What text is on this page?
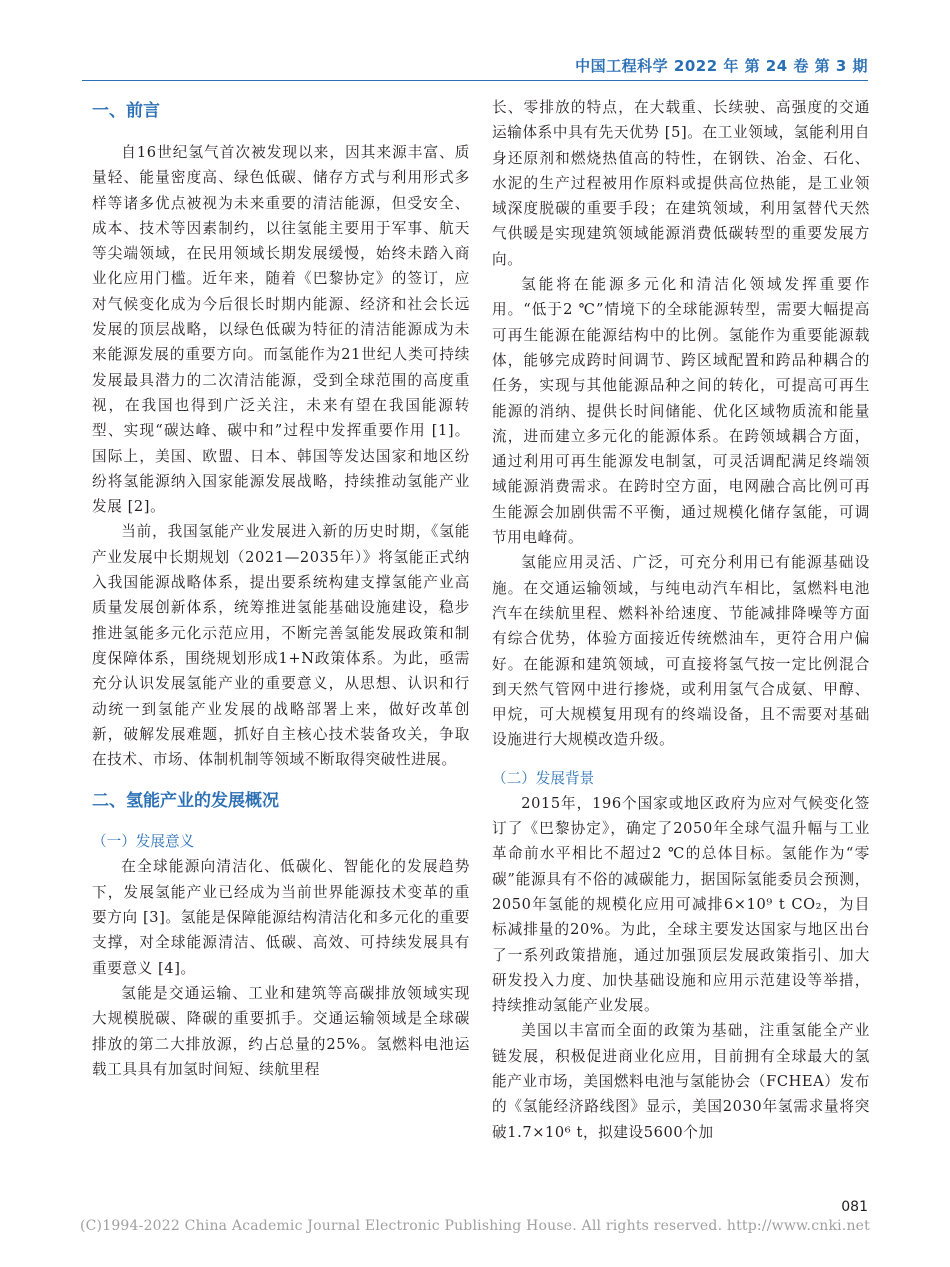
中国工程科学 2022 年 第 24 卷 第 3 期
一、前言

自16世纪氢气首次被发现以来，因其来源丰富、质量轻、能量密度高、绿色低碳、储存方式与利用形式多样等诸多优点被视为未来重要的清洁能源，但受安全、成本、技术等因素制约，以往氢能主要用于军事、航天等尖端领域，在民用领域长期发展缓慢，始终未踏入商业化应用门槛。近年来，随着《巴黎协定》的签订，应对气候变化成为今后很长时期内能源、经济和社会长远发展的顶层战略，以绿色低碳为特征的清洁能源成为未来能源发展的重要方向。而氢能作为21世纪人类可持续发展最具潜力的二次清洁能源，受到全球范围的高度重视，在我国也得到广泛关注，未来有望在我国能源转型、实现“碳达峰、碳中和”过程中发挥重要作用 [1]。国际上，美国、欧盟、日本、韩国等发达国家和地区纷纷将氢能源纳入国家能源发展战略，持续推动氢能产业发展 [2]。

当前，我国氢能产业发展进入新的历史时期，《氢能产业发展中长期规划（2021—2035年）》将氢能正式纳入我国能源战略体系，提出要系统构建支撑氢能产业高质量发展创新体系，统筹推进氢能基础设施建设，稳步推进氢能多元化示范应用，不断完善氢能发展政策和制度保障体系，围绕规划形成1+N政策体系。为此，亟需充分认识发展氢能产业的重要意义，从思想、认识和行动统一到氢能产业发展的战略部署上来，做好改革创新，破解发展难题，抓好自主核心技术装备攻关，争取在技术、市场、体制机制等领域不断取得突破性进展。

二、氢能产业的发展概况
（一）发展意义

在全球能源向清洁化、低碳化、智能化的发展趋势下，发展氢能产业已经成为当前世界能源技术变革的重要方向 [3]。氢能是保障能源结构清洁化和多元化的重要支撑，对全球能源清洁、低碳、高效、可持续发展具有重要意义 [4]。

氢能是交通运输、工业和建筑等高碳排放领域实现大规模脱碳、降碳的重要抓手。交通运输领域是全球碳排放的第二大排放源，约占总量的25%。氢燃料电池运载工具具有加氢时间短、续航里程

长、零排放的特点，在大载重、长续驶、高强度的交通运输体系中具有先天优势 [5]。在工业领域，氢能利用自身还原剂和燃烧热值高的特性，在钢铁、冶金、石化、水泥的生产过程被用作原料或提供高位热能，是工业领域深度脱碳的重要手段；在建筑领域，利用氢替代天然气供暖是实现建筑领域能源消费低碳转型的重要发展方向。

氢能将在能源多元化和清洁化领域发挥重要作用。“低于2 ℃”情境下的全球能源转型，需要大幅提高可再生能源在能源结构中的比例。氢能作为重要能源载体，能够完成跨时间调节、跨区域配置和跨品种耦合的任务，实现与其他能源品种之间的转化，可提高可再生能源的消纳、提供长时间储能、优化区域物质流和能量流，进而建立多元化的能源体系。在跨领域耦合方面，通过利用可再生能源发电制氢，可灵活调配满足终端领域能源消费需求。在跨时空方面，电网融合高比例可再生能源会加剧供需不平衡，通过规模化储存氢能，可调节用电峰荷。

氢能应用灵活、广泛，可充分利用已有能源基础设施。在交通运输领域，与纯电动汽车相比，氢燃料电池汽车在续航里程、燃料补给速度、节能减排降噪等方面有综合优势，体验方面接近传统燃油车，更符合用户偏好。在能源和建筑领域，可直接将氢气按一定比例混合到天然气管网中进行掺烧，或利用氢气合成氨、甲醇、甲烷，可大规模复用现有的终端设备，且不需要对基础设施进行大规模改造升级。

（二）发展背景

2015年，196个国家或地区政府为应对气候变化签订了《巴黎协定》，确定了2050年全球气温升幅与工业革命前水平相比不超过2 ℃的总体目标。氢能作为“零碳”能源具有不俗的减碳能力，据国际氢能委员会预测，2050年氢能的规模化应用可减排6×10⁹ t CO₂，为目标减排量的20%。为此，全球主要发达国家与地区出台了一系列政策措施，通过加强顶层发展政策指引、加大研发投入力度、加快基础设施和应用示范建设等举措，持续推动氢能产业发展。

美国以丰富而全面的政策为基础，注重氢能全产业链发展，积极促进商业化应用，目前拥有全球最大的氢能产业市场，美国燃料电池与氢能协会（FCHEA）发布的《氢能经济路线图》显示，美国2030年氢需求量将突破1.7×10⁶ t，拟建设5600个加

081
(C)1994-2022 China Academic Journal Electronic Publishing House. All rights reserved. http://www.cnki.net
